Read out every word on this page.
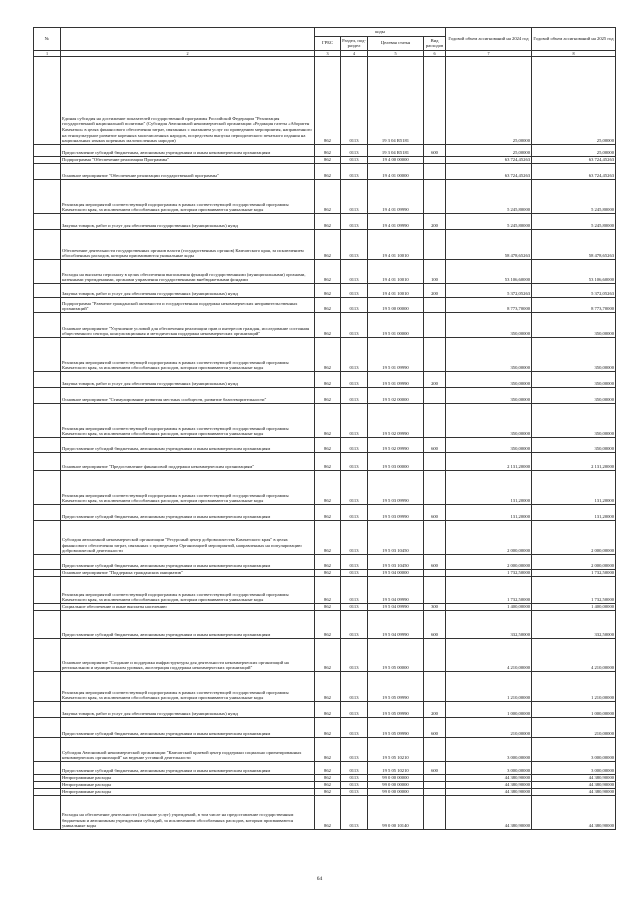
№		коды				Годовой объем ассигнований на 2024 год	Годовой объем ассигнований на 2025 год
		ГРБС	Раздел, под-раздел	Целевая статья	Вид расходов		
1	2	3	4	5	6	7	8
	Единая субсидия на достижение показателей государственной программы Российской Федерации "Реализация государственной национальной политики" (Субсидия Автономной некоммерческой организации «Редакция газеты «Абориген Камчатки» в целях финансового обеспечения затрат, связанных с оказанием услуг по проведению мероприятия, направленного на этнокультурное развитие коренных малочисленных народов, посредством выпуска периодического печатного издания на национальных языках коренных малочисленных народов)	862	0113	19 3 04 R5181		25,00000	25,00000
	Предоставление субсидий бюджетным, автономным учреждениям и иным некоммерческим организациям	862	0113	19 3 04 R5181	600	25,00000	25,00000
	Подпрограмма "Обеспечение реализации Программы"	862	0113	19 4 00 00000		63 724,45263	63 724,45263
	Основное мероприятие "Обеспечение реализации государственной программы"	862	0113	19 4 01 00000		63 724,45263	63 724,45263
	Реализация мероприятий соответствующей подпрограммы в рамках соответствующей государственной программы Камчатского края, за исключением обособленных расходов, которым присваиваются уникальные коды	862	0113	19 4 01 09990		5 245,80000	5 245,80000
	Закупка товаров, работ и услуг для обеспечения государственных (муниципальных) нужд	862	0113	19 4 01 09990	200	5 245,80000	5 245,80000
	Обеспечение деятельности государственных органов власти (государственных органов) Камчатского края, за исключением обособленных расходов, которым присваиваются уникальные коды	862	0113	19 4 01 10010		58 478,65263	58 478,65263
	Расходы на выплаты персоналу в целях обеспечения выполнения функций государственными (муниципальными) органами, казенными учреждениями, органами управления государственными внебюджетными фондами	862	0113	19 4 01 10010	100	53 106,60000	53 106,60000
	Закупка товаров, работ и услуг для обеспечения государственных (муниципальных) нужд	862	0113	19 4 01 10010	200	5 372,05263	5 372,05263
	Подпрограмма "Развитие гражданской активности и государственная поддержка некоммерческих неправительственных организаций"	862	0113	19 5 00 00000		8 773,70000	8 773,70000
	Основное мероприятие "Улучшение условий для обеспечения реализации прав и интересов граждан, исследование состояния общественного сектора, консультационная и методическая поддержка некоммерческих организаций"	862	0113	19 5 01 00000		350,00000	350,00000
	Реализация мероприятий соответствующей подпрограммы в рамках соответствующей государственной программы Камчатского края, за исключением обособленных расходов, которым присваиваются уникальные коды	862	0113	19 5 01 09990		350,00000	350,00000
	Закупка товаров, работ и услуг для обеспечения государственных (муниципальных) нужд	862	0113	19 5 01 09990	200	350,00000	350,00000
	Основное мероприятие "Стимулирование развития местных сообществ, развитие благотворительности"	862	0113	19 5 02 00000		350,00000	350,00000
	Реализация мероприятий соответствующей подпрограммы в рамках соответствующей государственной программы Камчатского края, за исключением обособленных расходов, которым присваиваются уникальные коды	862	0113	19 5 02 09990		350,00000	350,00000
	Предоставление субсидий бюджетным, автономным учреждениям и иным некоммерческим организациям	862	0113	19 5 02 09990	600	350,00000	350,00000
	Основное мероприятие "Предоставление финансовой поддержки некоммерческим организациям"	862	0113	19 5 03 00000		2 131,20000	2 131,20000
	Реализация мероприятий соответствующей подпрограммы в рамках соответствующей государственной программы Камчатского края, за исключением обособленных расходов, которым присваиваются уникальные коды	862	0113	19 5 03 09990		131,20000	131,20000
	Предоставление субсидий бюджетным, автономным учреждениям и иным некоммерческим организациям	862	0113	19 5 03 09990	600	131,20000	131,20000
	Субсидия автономной некоммерческой организации "Ресурсный центр добровольчества Камчатского края" в целях финансового обеспечения затрат, связанных с проведением Организацией мероприятий, направленных на популяризацию добровольческой деятельности	862	0113	19 5 03 10450		2 000,00000	2 000,00000
	Предоставление субсидий бюджетным, автономным учреждениям и иным некоммерческим организациям	862	0113	19 5 03 10450	600	2 000,00000	2 000,00000
	Основное мероприятие "Поддержка гражданских инициатив"	862	0113	19 5 04 00000		1 732,50000	1 732,50000
	Реализация мероприятий соответствующей подпрограммы в рамках соответствующей государственной программы Камчатского края, за исключением обособленных расходов, которым присваиваются уникальные коды	862	0113	19 5 04 09990		1 732,50000	1 732,50000
	Социальное обеспечение и иные выплаты населению	862	0113	19 5 04 09990	300	1 400,00000	1 400,00000
	Предоставление субсидий бюджетным, автономным учреждениям и иным некоммерческим организациям	862	0113	19 5 04 09990	600	332,50000	332,50000
	Основное мероприятие "Создание и поддержка инфраструктуры для деятельности некоммерческих организаций на региональном и муниципальном уровнях, акселерация поддержка некоммерческих организаций"	862	0113	19 5 05 00000		4 210,00000	4 210,00000
	Реализация мероприятий соответствующей подпрограммы в рамках соответствующей государственной программы Камчатского края, за исключением обособленных расходов, которым присваиваются уникальные коды	862	0113	19 5 05 09990		1 210,00000	1 210,00000
	Закупка товаров, работ и услуг для обеспечения государственных (муниципальных) нужд	862	0113	19 5 05 09990	200	1 000,00000	1 000,00000
	Предоставление субсидий бюджетным, автономным учреждениям и иным некоммерческим организациям	862	0113	19 5 05 09990	600	210,00000	210,00000
	Субсидия Автономной некоммерческой организации "Камчатский краевой центр поддержки социально ориентированных некоммерческих организаций" на ведение уставной деятельности	862	0113	19 5 05 10210		3 000,00000	3 000,00000
	Предоставление субсидий бюджетным, автономным учреждениям и иным некоммерческим организациям	862	0113	19 5 05 10210	600	3 000,00000	3 000,00000
	Непрограммные расходы	862	0113	99 0 00 00000		44 380,90000	44 380,90000
	Непрограммные расходы	862	0113	99 0 00 00000		44 380,90000	44 380,90000
	Непрограммные расходы	862	0113	99 0 00 00000		44 380,90000	44 380,90000
	Расходы на обеспечение деятельности (оказание услуг) учреждений, в том числе на предоставление государственным бюджетным и автономным учреждениям субсидий, за исключением обособленных расходов, которым присваиваются уникальные коды	862	0113	99 0 00 10140		44 380,90000	44 380,90000
64
